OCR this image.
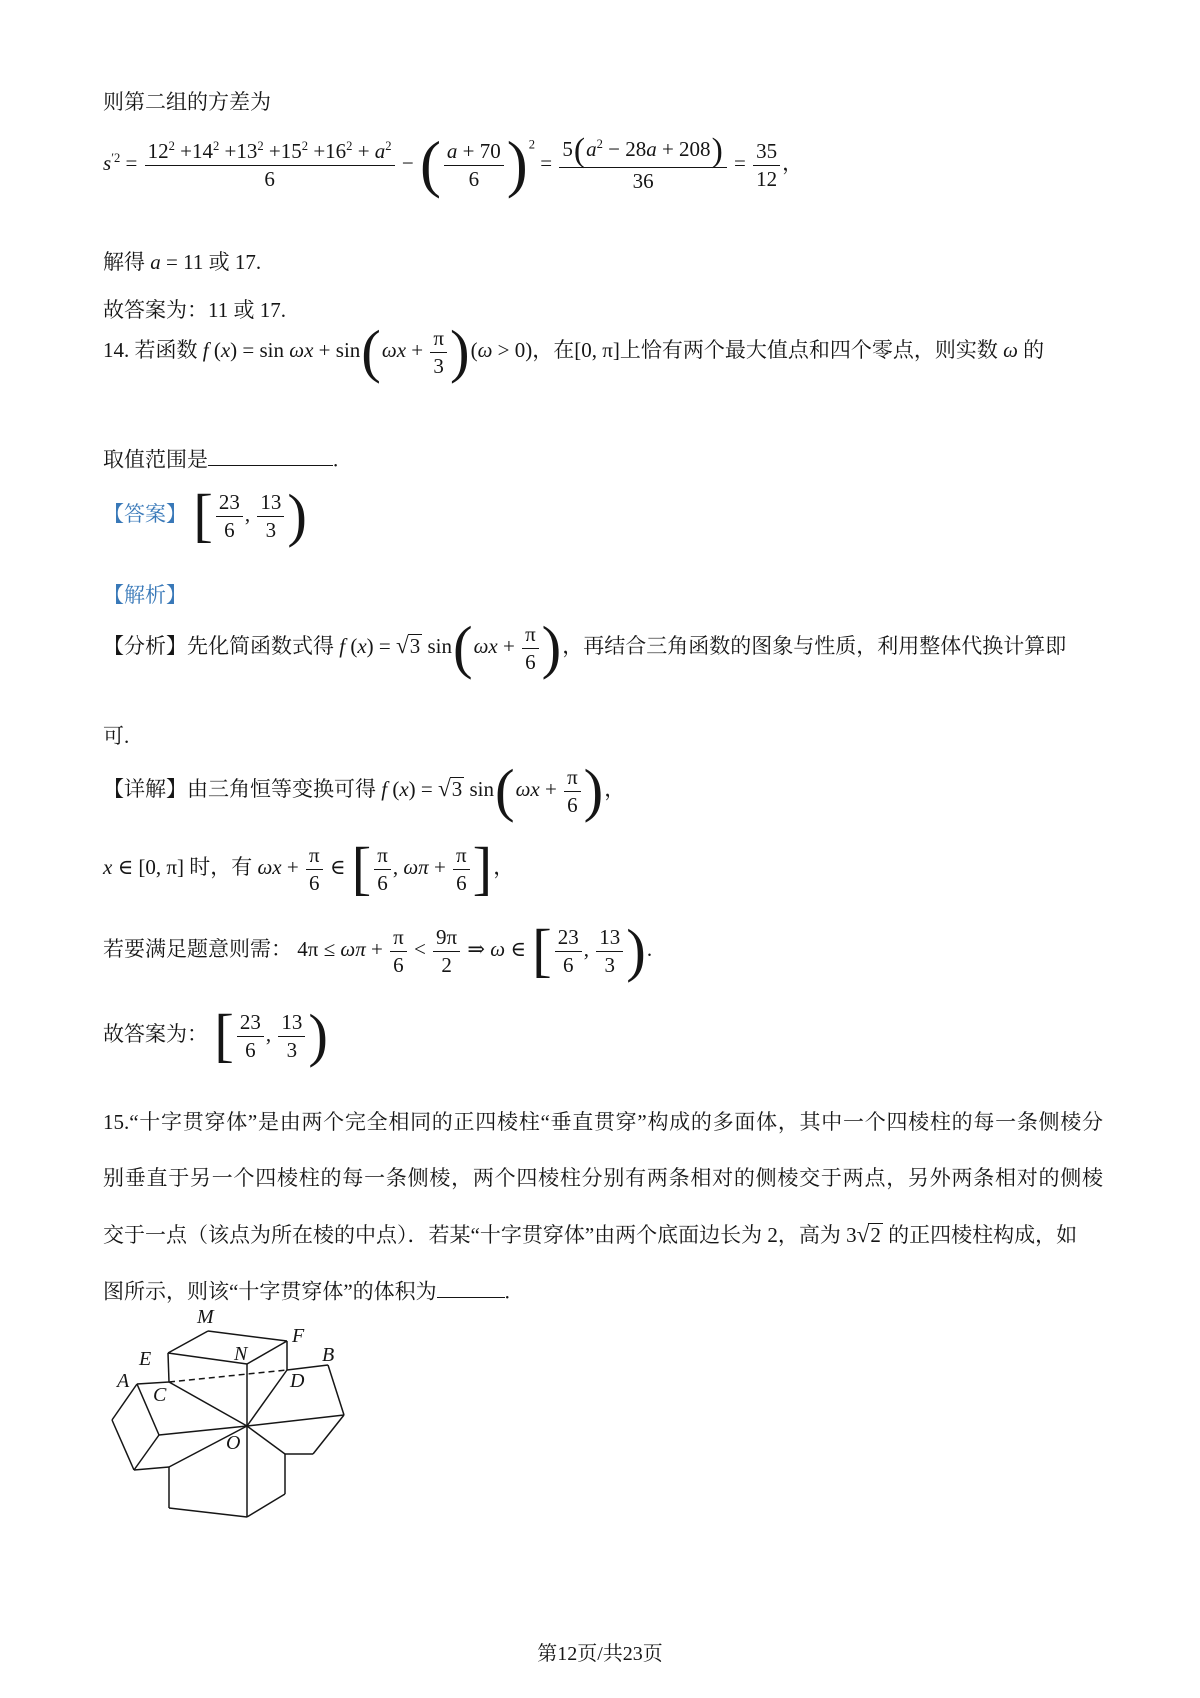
则第二组的方差为
$s^{'2} = \frac{12^2 +14^2 +13^2 +15^2 +16^2 + a^2}{6}$ − ( $\frac{a + 70}{6} )^2 = \frac{5(a^2 - 28a + 208)}{36} = \frac{35}{12}$ ，
解得 a = 11 或 17.
故答案为：11 或 17.
14. 若函数 f $(x) = \sin \omega x + \sin(\omega x + \frac{\pi}{3} )(\omega > 0)$，在[0, π]上恰有两个最大值点和四个零点，则实数 ω 的
取值范围是	.
【答案】 [ $\frac{23}{6}$ , $\frac{13}{3}$ )
【解析】
【分析】先化简函数式得 f (x) = √3 $\sin(\omega x + \frac{\pi}{6}$ )，再结合三角函数的图象与性质，利用整体代换计算即
可.
【详解】由三角恒等变换可得 f (x) = √3 $\sin(\omega x + \frac{\pi}{6}$ )，
x ∈ [0, π] 时，有 $\omega x + \frac{\pi}{6}$ ∈ [ $\frac{\pi}{6}$ , $\omega\pi + \frac{\pi}{6}$ ]，
若要满足题意则需： $4\pi \le \omega\pi + \frac{\pi}{6} < \frac{9\pi}{2}$ ⇒ ω ∈ [ $\frac{23}{6}$ , $\frac{13}{3}$ ).
故答案为： [ $\frac{23}{6}$ , $\frac{13}{3}$ )
15.“十字贯穿体”是由两个完全相同的正四棱柱“垂直贯穿”构成的多面体，其中一个四棱柱的每一条侧棱分
别垂直于另一个四棱柱的每一条侧棱，两个四棱柱分别有两条相对的侧棱交于两点，另外两条相对的侧棱
交于一点（该点为所在棱的中点）．若某“十字贯穿体”由两个底面边长为 2，高为 3√2 的正四棱柱构成，如
图所示，则该“十字贯穿体”的体积为	.
M
F
E	N	B
A	D
C
O
第12页/共23页
